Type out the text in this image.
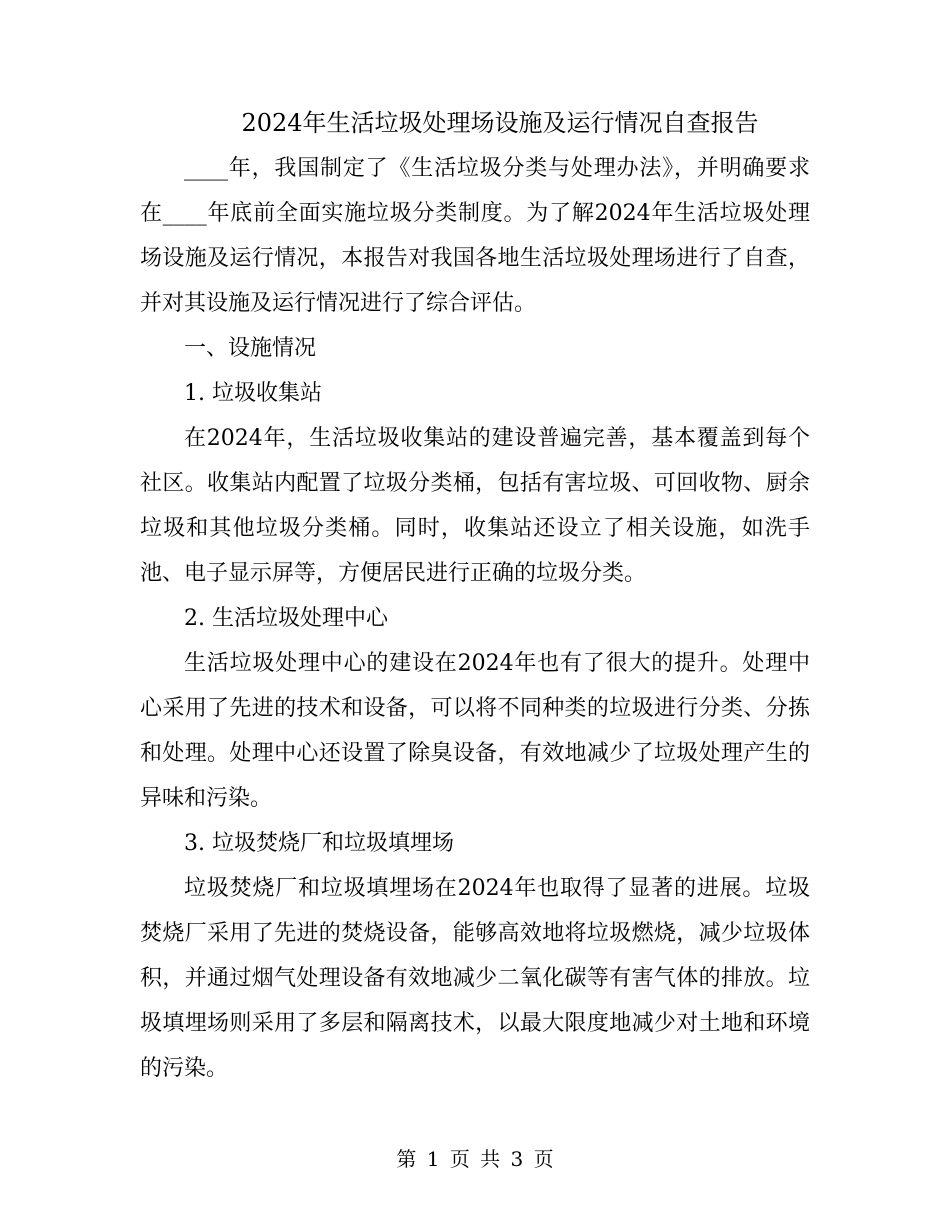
2024年生活垃圾处理场设施及运行情况自查报告

____年，我国制定了《生活垃圾分类与处理办法》，并明确要求在____年底前全面实施垃圾分类制度。为了解2024年生活垃圾处理场设施及运行情况，本报告对我国各地生活垃圾处理场进行了自查，并对其设施及运行情况进行了综合评估。

一、设施情况

1. 垃圾收集站

在2024年，生活垃圾收集站的建设普遍完善，基本覆盖到每个社区。收集站内配置了垃圾分类桶，包括有害垃圾、可回收物、厨余垃圾和其他垃圾分类桶。同时，收集站还设立了相关设施，如洗手池、电子显示屏等，方便居民进行正确的垃圾分类。

2. 生活垃圾处理中心

生活垃圾处理中心的建设在2024年也有了很大的提升。处理中心采用了先进的技术和设备，可以将不同种类的垃圾进行分类、分拣和处理。处理中心还设置了除臭设备，有效地减少了垃圾处理产生的异味和污染。

3. 垃圾焚烧厂和垃圾填埋场

垃圾焚烧厂和垃圾填埋场在2024年也取得了显著的进展。垃圾焚烧厂采用了先进的焚烧设备，能够高效地将垃圾燃烧，减少垃圾体积，并通过烟气处理设备有效地减少二氧化碳等有害气体的排放。垃圾填埋场则采用了多层和隔离技术，以最大限度地减少对土地和环境的污染。

第 1 页 共 3 页
